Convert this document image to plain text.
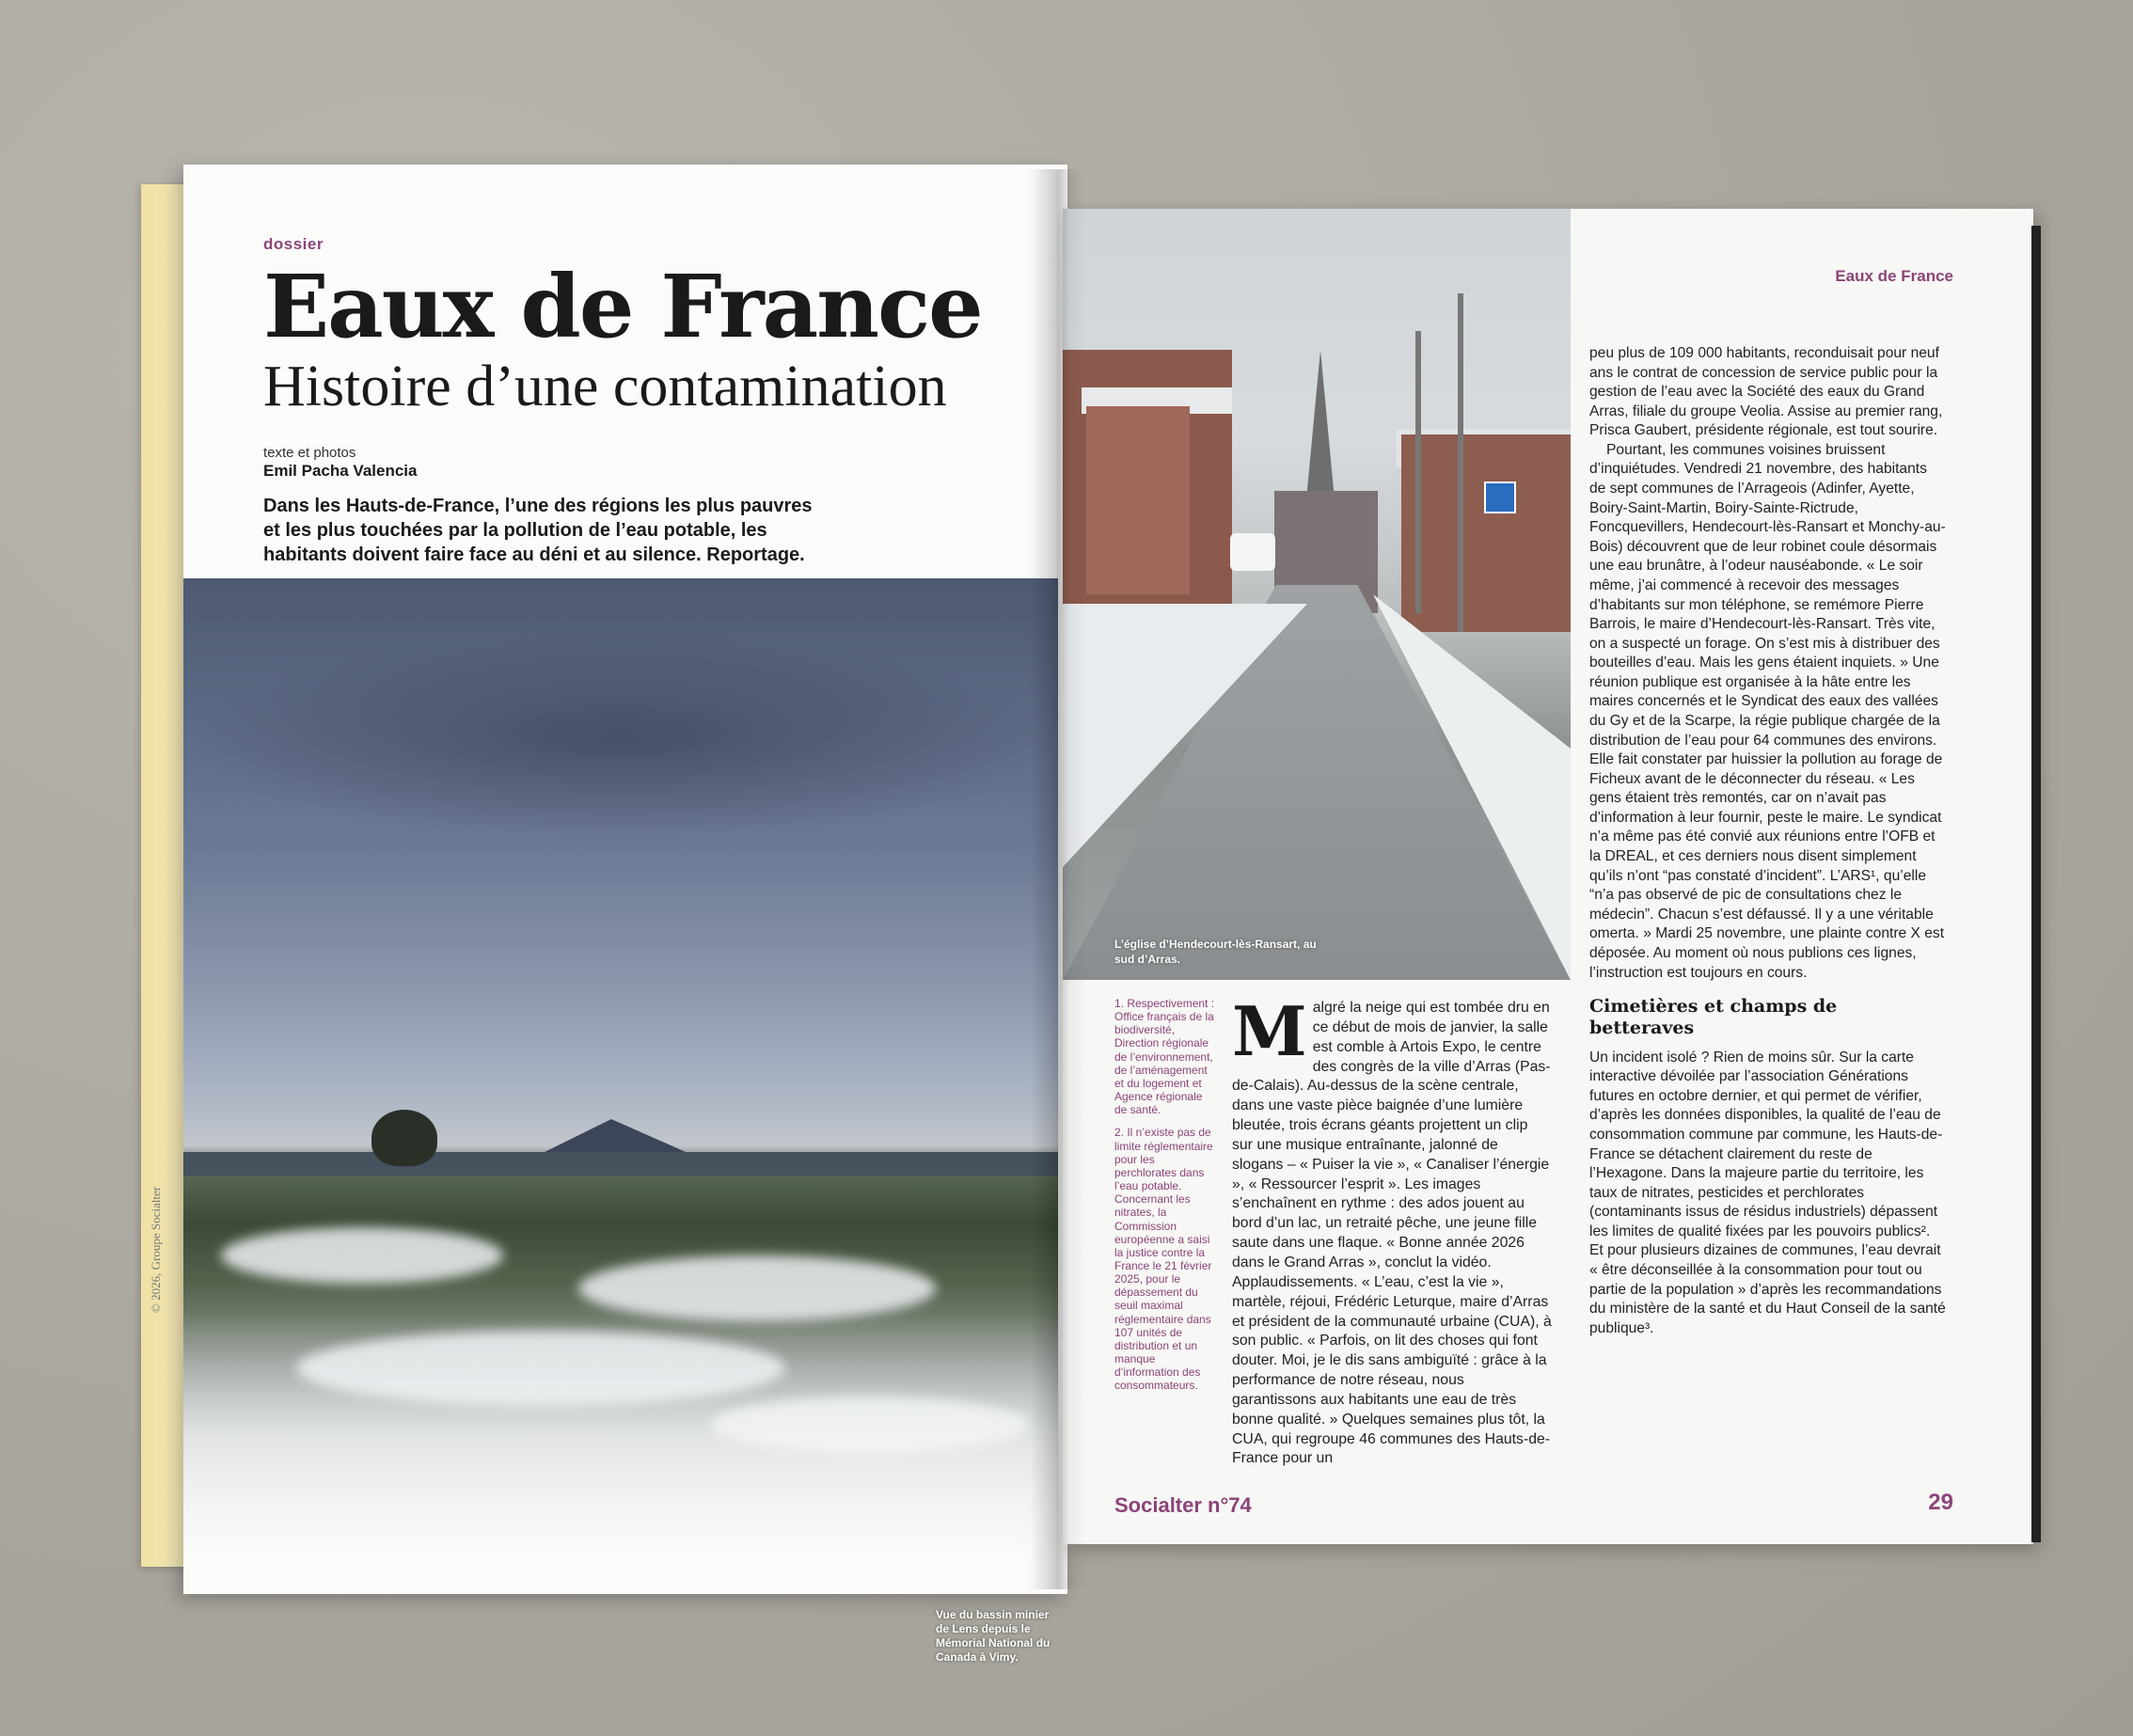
© 2026, Groupe Socialter
dossier
Eaux de France
Histoire d’une contamination
texte et photos
Emil Pacha Valencia
Dans les Hauts-de-France, l’une des régions les plus pauvres et les plus touchées par la pollution de l’eau potable, les habitants doivent faire face au déni et au silence. Reportage.
Vue du bassin minier de Lens depuis le Mémorial National du Canada à Vimy.
L’église d’Hendecourt-lès-Ransart, au sud d’Arras.
Eaux de France

1. Respectivement : Office français de la biodiversité, Direction régionale de l’environnement, de l’aménagement et du logement et Agence régionale de santé.

2. Il n’existe pas de limite réglementaire pour les perchlorates dans l’eau potable. Concernant les nitrates, la Commission européenne a saisi la justice contre la France le 21 février 2025, pour le dépassement du seuil maximal réglementaire dans 107 unités de distribution et un manque d’information des consommateurs.

Malgré la neige qui est tombée dru en ce début de mois de janvier, la salle est comble à Artois Expo, le centre des congrès de la ville d’Arras (Pas-de-Calais). Au-dessus de la scène centrale, dans une vaste pièce baignée d’une lumière bleutée, trois écrans géants projettent un clip sur une musique entraînante, jalonné de slogans – « Puiser la vie », « Canaliser l’énergie », « Ressourcer l’esprit ». Les images s’enchaînent en rythme : des ados jouent au bord d’un lac, un retraité pêche, une jeune fille saute dans une flaque. « Bonne année 2026 dans le Grand Arras », conclut la vidéo. Applaudissements. « L’eau, c’est la vie », martèle, réjoui, Frédéric Leturque, maire d’Arras et président de la communauté urbaine (CUA), à son public. « Parfois, on lit des choses qui font douter. Moi, je le dis sans ambiguïté : grâce à la performance de notre réseau, nous garantissons aux habitants une eau de très bonne qualité. » Quelques semaines plus tôt, la CUA, qui regroupe 46 communes des Hauts-de-France pour un

peu plus de 109 000 habitants, reconduisait pour neuf ans le contrat de concession de service public pour la gestion de l’eau avec la Société des eaux du Grand Arras, filiale du groupe Veolia. Assise au premier rang, Prisca Gaubert, présidente régionale, est tout sourire.

Pourtant, les communes voisines bruissent d’inquiétudes. Vendredi 21 novembre, des habitants de sept communes de l’Arrageois (Adinfer, Ayette, Boiry-Saint-Martin, Boiry-Sainte-Rictrude, Foncquevillers, Hendecourt-lès-Ransart et Monchy-au-Bois) découvrent que de leur robinet coule désormais une eau brunâtre, à l’odeur nauséabonde. « Le soir même, j’ai commencé à recevoir des messages d’habitants sur mon téléphone, se remémore Pierre Barrois, le maire d’Hendecourt-lès-Ransart. Très vite, on a suspecté un forage. On s’est mis à distribuer des bouteilles d’eau. Mais les gens étaient inquiets. » Une réunion publique est organisée à la hâte entre les maires concernés et le Syndicat des eaux des vallées du Gy et de la Scarpe, la régie publique chargée de la distribution de l’eau pour 64 communes des environs. Elle fait constater par huissier la pollution au forage de Ficheux avant de le déconnecter du réseau. « Les gens étaient très remontés, car on n’avait pas d’information à leur fournir, peste le maire. Le syndicat n’a même pas été convié aux réunions entre l’OFB et la DREAL, et ces derniers nous disent simplement qu’ils n’ont “pas constaté d’incident”. L’ARS¹, qu’elle “n’a pas observé de pic de consultations chez le médecin”. Chacun s’est défaussé. Il y a une véritable omerta. » Mardi 25 novembre, une plainte contre X est déposée. Au moment où nous publions ces lignes, l’instruction est toujours en cours.

Cimetières et champs de betteraves

Un incident isolé ? Rien de moins sûr. Sur la carte interactive dévoilée par l’association Générations futures en octobre dernier, et qui permet de vérifier, d’après les données disponibles, la qualité de l’eau de consommation commune par commune, les Hauts-de-France se détachent clairement du reste de l’Hexagone. Dans la majeure partie du territoire, les taux de nitrates, pesticides et perchlorates (contaminants issus de résidus industriels) dépassent les limites de qualité fixées par les pouvoirs publics². Et pour plusieurs dizaines de communes, l’eau devrait « être déconseillée à la consommation pour tout ou partie de la population » d’après les recommandations du ministère de la santé et du Haut Conseil de la santé publique³.

Socialter n°74	29
